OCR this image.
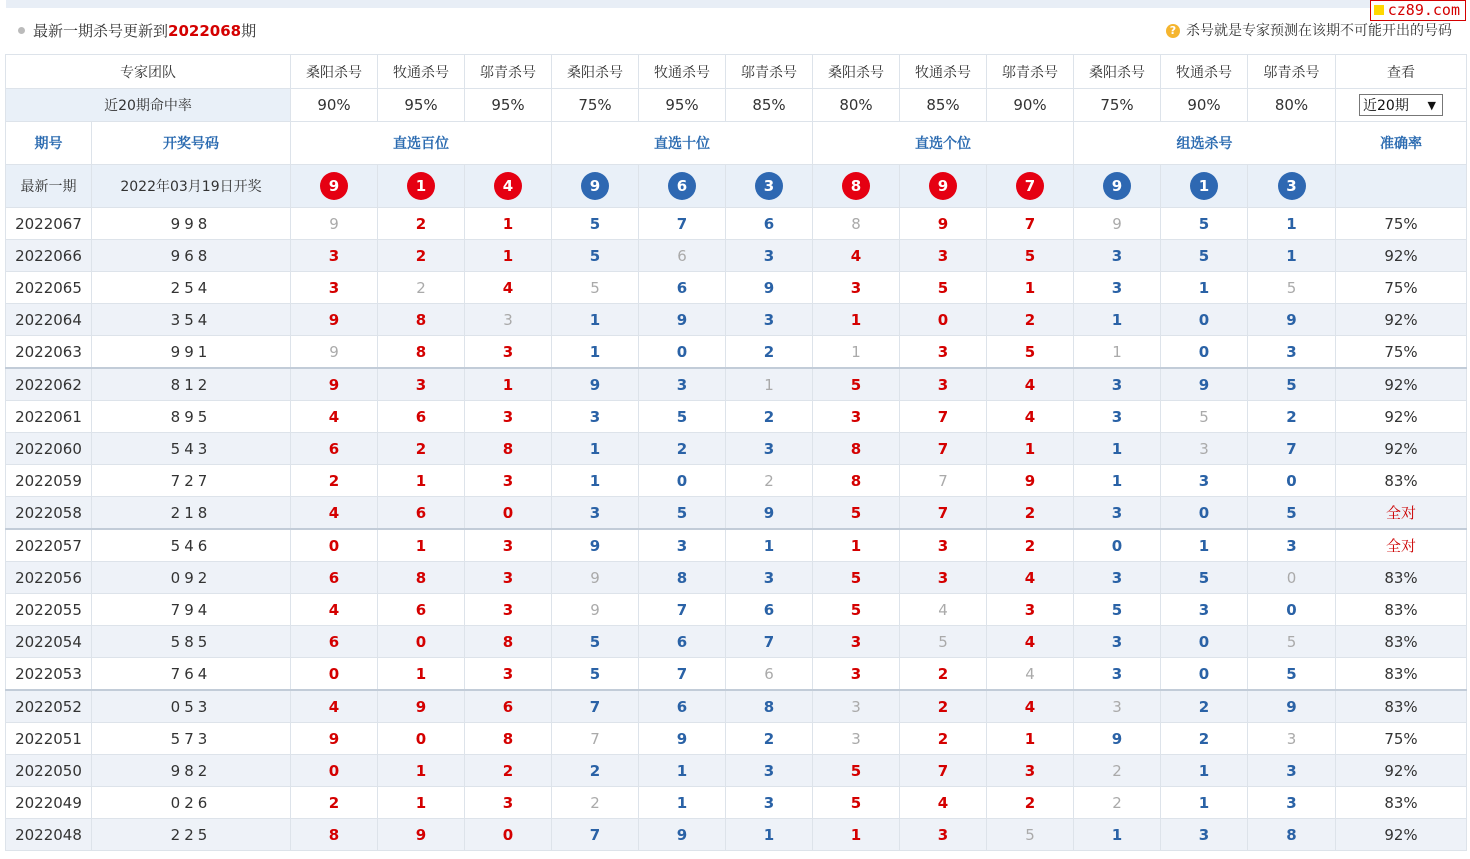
cz89.com
最新一期杀号更新到2022068期	? 杀号就是专家预测在该期不可能开出的号码
专家团队		桑阳杀号	牧通杀号	邬青杀号	桑阳杀号	牧通杀号	邬青杀号	桑阳杀号	牧通杀号	邬青杀号	桑阳杀号	牧通杀号	邬青杀号	查看
近20期命中率		90%	95%	95%	75%	95%	85%	80%	85%	90%	75%	90%	80%	近20期 ▼

期号	开奖号码	直选百位			直选十位			直选个位			组选杀号			准确率
最新一期	2022年03月19日开奖	9	1	4	9	6	3	8	9	7	9	1	3	
2022067	998	9	2	1	5	7	6	8	9	7	9	5	1	75%
2022066	968	3	2	1	5	6	3	4	3	5	3	5	1	92%
2022065	254	3	2	4	5	6	9	3	5	1	3	1	5	75%
2022064	354	9	8	3	1	9	3	1	0	2	1	0	9	92%
2022063	991	9	8	3	1	0	2	1	3	5	1	0	3	75%
2022062	812	9	3	1	9	3	1	5	3	4	3	9	5	92%
2022061	895	4	6	3	3	5	2	3	7	4	3	5	2	92%
2022060	543	6	2	8	1	2	3	8	7	1	1	3	7	92%
2022059	727	2	1	3	1	0	2	8	7	9	1	3	0	83%
2022058	218	4	6	0	3	5	9	5	7	2	3	0	5	全对
2022057	546	0	1	3	9	3	1	1	3	2	0	1	3	全对
2022056	092	6	8	3	9	8	3	5	3	4	3	5	0	83%
2022055	794	4	6	3	9	7	6	5	4	3	5	3	0	83%
2022054	585	6	0	8	5	6	7	3	5	4	3	0	5	83%
2022053	764	0	1	3	5	7	6	3	2	4	3	0	5	83%
2022052	053	4	9	6	7	6	8	3	2	4	3	2	9	83%
2022051	573	9	0	8	7	9	2	3	2	1	9	2	3	75%
2022050	982	0	1	2	2	1	3	5	7	3	2	1	3	92%
2022049	026	2	1	3	2	1	3	5	4	2	2	1	3	83%
2022048	225	8	9	0	7	9	1	1	3	5	1	3	8	92%
